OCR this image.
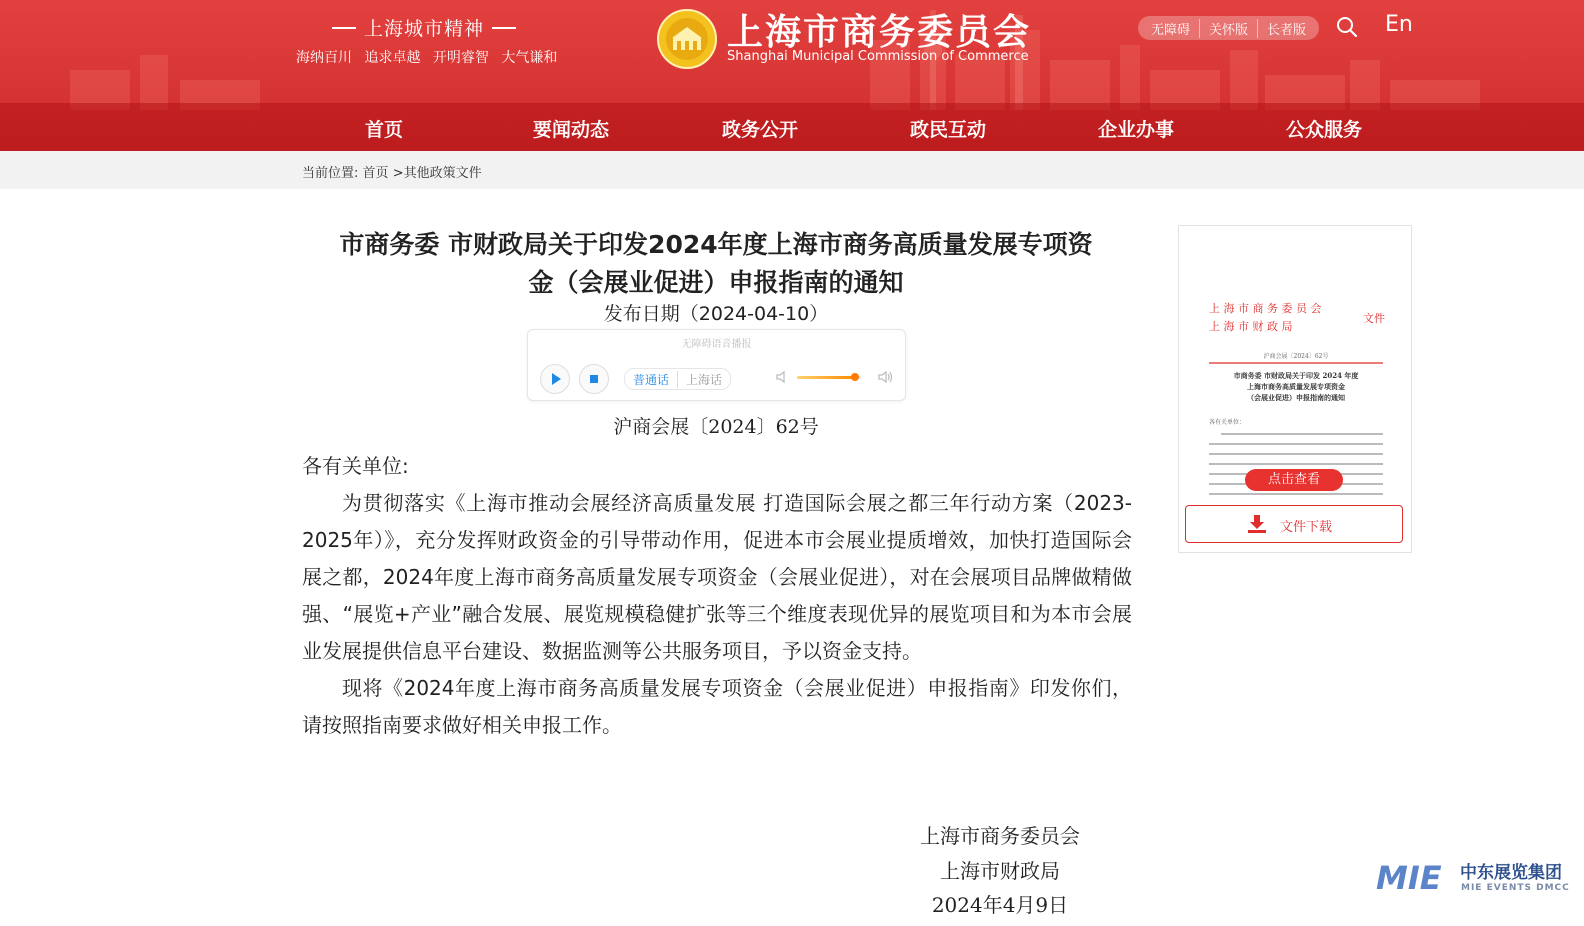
上海城市精神
海纳百川 追求卓越 开明睿智 大气谦和
上海市商务委员会
Shanghai Municipal Commission of Commerce
无障碍	关怀版	长者版	En
首页	要闻动态	政务公开	政民互动	企业办事	公众服务
当前位置: 首页 >其他政策文件
市商务委 市财政局关于印发2024年度上海市商务高质量发展专项资
金（会展业促进）申报指南的通知
发布日期（2024-04-10）
无障碍语音播报
普通话	上海话
沪商会展〔2024〕62号

各有关单位:

为贯彻落实《上海市推动会展经济高质量发展 打造国际会展之都三年行动方案（2023-2025年）》，充分发挥财政资金的引导带动作用，促进本市会展业提质增效，加快打造国际会展之都，2024年度上海市商务高质量发展专项资金（会展业促进），对在会展项目品牌做精做强、“展览+产业”融合发展、展览规模稳健扩张等三个维度表现优异的展览项目和为本市会展业发展提供信息平台建设、数据监测等公共服务项目，予以资金支持。

现将《2024年度上海市商务高质量发展专项资金（会展业促进）申报指南》印发你们，请按照指南要求做好相关申报工作。

上海市商务委员会
上海市财政局
2024年4月9日
上 海 市 商 务 委 员 会
上 海 市 财 政 局
文件
沪商会展〔2024〕62号
市商务委 市财政局关于印发 2024 年度
上海市商务高质量发展专项资金
（会展业促进）申报指南的通知
各有关单位：
点击查看
文件下载
MIE 中东展览集团
MIE EVENTS DMCC
